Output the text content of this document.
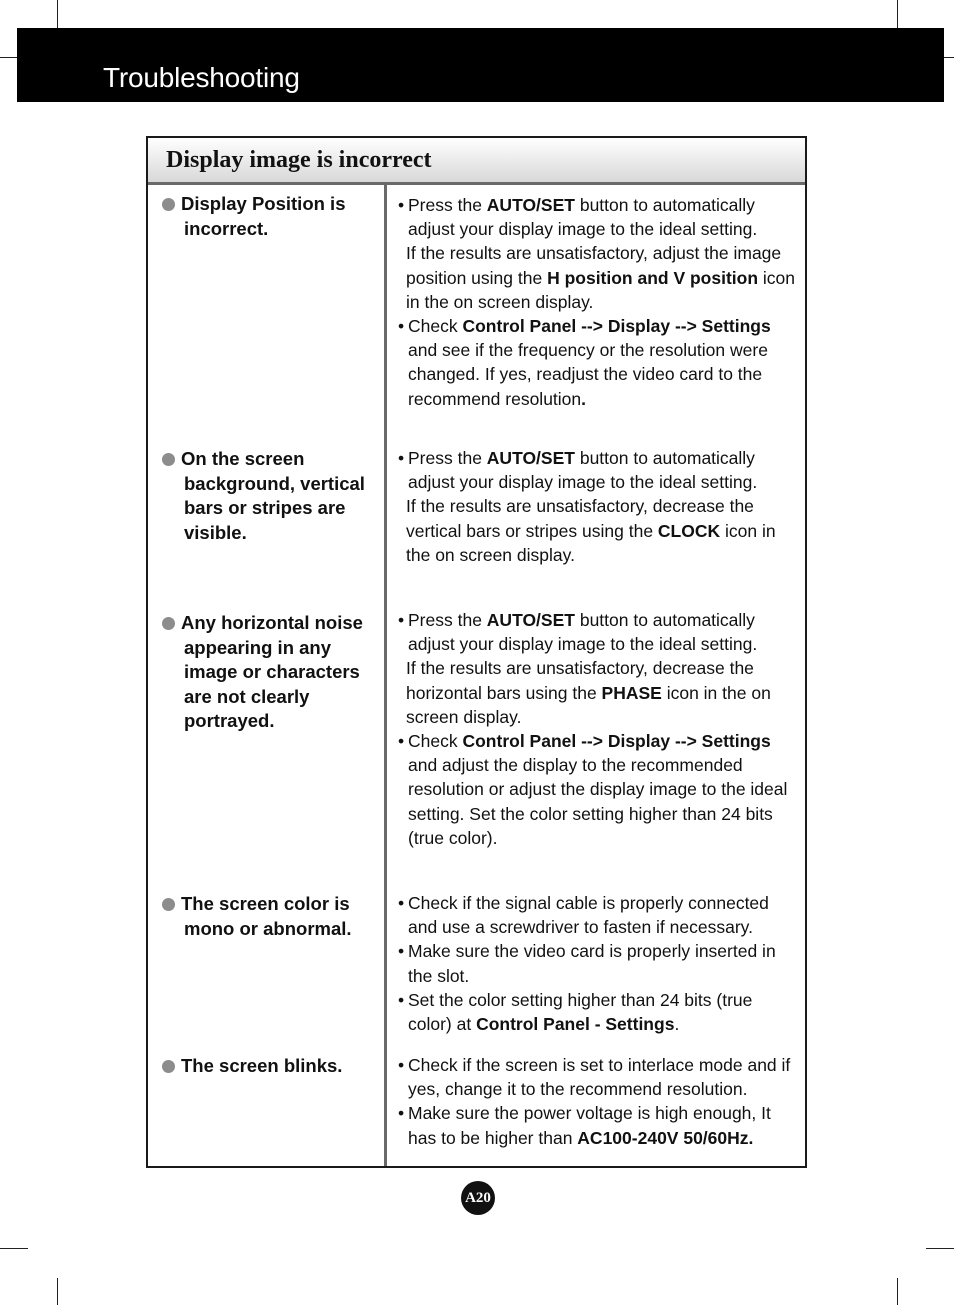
Troubleshooting
Display image is incorrect
Display Position is
incorrect.
• Press the AUTO/SET button to automatically adjust your display image to the ideal setting.
If the results are unsatisfactory, adjust the image position using the H position and V position icon in the on screen display.
• Check Control Panel --> Display --> Settings and see if the frequency or the resolution were changed. If yes, readjust the video card to the recommend resolution.
On the screen
background, vertical bars or stripes are visible.
• Press the AUTO/SET button to automatically adjust your display image to the ideal setting.
If the results are unsatisfactory, decrease the vertical bars or stripes using the CLOCK icon in the on screen display.
Any horizontal noise
appearing in any image or characters are not clearly portrayed.
• Press the AUTO/SET button to automatically adjust your display image to the ideal setting.
If the results are unsatisfactory, decrease the horizontal bars using the PHASE icon in the on screen display.
• Check Control Panel --> Display --> Settings and adjust the display to the recommended resolution or adjust the display image to the ideal setting. Set the color setting higher than 24 bits (true color).
The screen color is
mono or abnormal.
• Check if the signal cable is properly connected and use a screwdriver to fasten if necessary.
• Make sure the video card is properly inserted in the slot.
• Set the color setting higher than 24 bits (true color) at Control Panel - Settings.
The screen blinks.	• Check if the screen is set to interlace mode and if yes, change it to the recommend resolution.
• Make sure the power voltage is high enough, It has to be higher than AC100-240V 50/60Hz.
A20
